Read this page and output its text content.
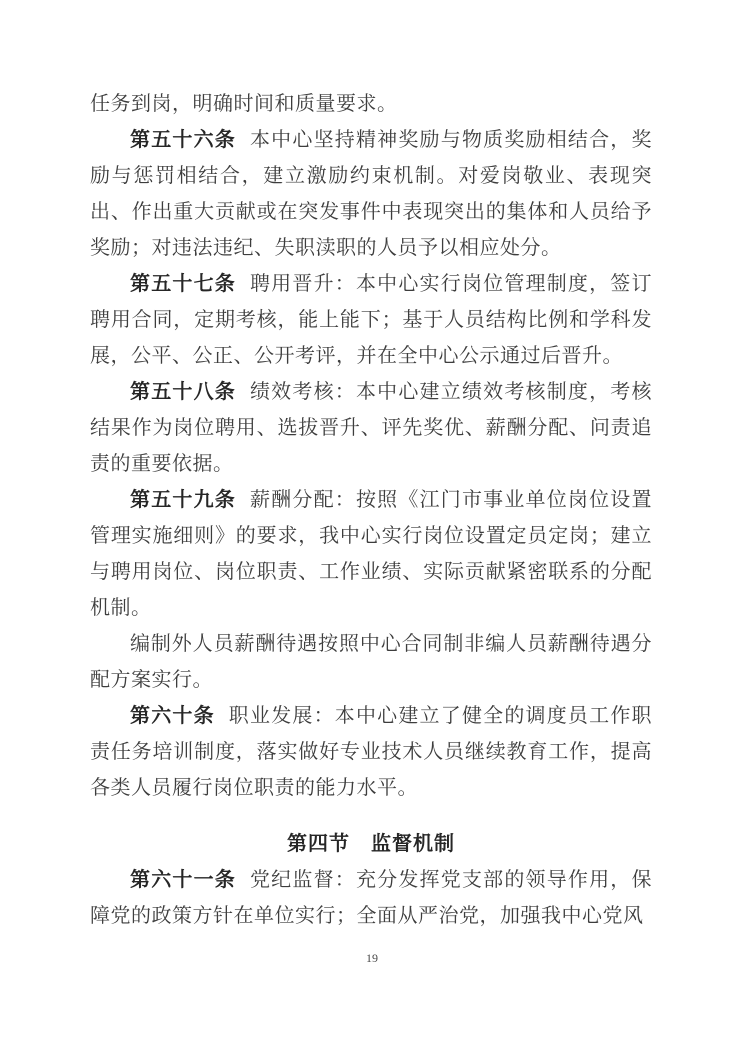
任务到岗，明确时间和质量要求。

第五十六条 本中心坚持精神奖励与物质奖励相结合，奖励与惩罚相结合，建立激励约束机制。对爱岗敬业、表现突出、作出重大贡献或在突发事件中表现突出的集体和人员给予奖励；对违法违纪、失职渎职的人员予以相应处分。

第五十七条 聘用晋升：本中心实行岗位管理制度，签订聘用合同，定期考核，能上能下；基于人员结构比例和学科发展，公平、公正、公开考评，并在全中心公示通过后晋升。

第五十八条 绩效考核：本中心建立绩效考核制度，考核结果作为岗位聘用、选拔晋升、评先奖优、薪酬分配、问责追责的重要依据。

第五十九条 薪酬分配：按照《江门市事业单位岗位设置管理实施细则》的要求，我中心实行岗位设置定员定岗；建立与聘用岗位、岗位职责、工作业绩、实际贡献紧密联系的分配机制。

编制外人员薪酬待遇按照中心合同制非编人员薪酬待遇分配方案实行。

第六十条 职业发展：本中心建立了健全的调度员工作职责任务培训制度，落实做好专业技术人员继续教育工作，提高各类人员履行岗位职责的能力水平。

第四节　监督机制

第六十一条 党纪监督：充分发挥党支部的领导作用，保障党的政策方针在单位实行；全面从严治党，加强我中心党风

19
